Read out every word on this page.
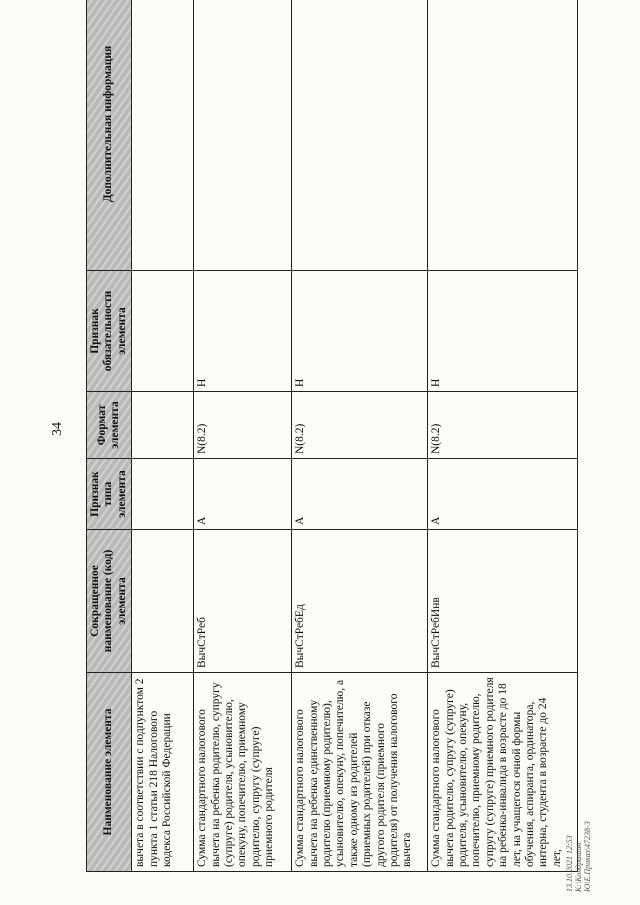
34
Наименование элемента	Сокращенное наименование (код) элемента	Признак типа элемента	Формат элемента	Признак обязательности элемента	Дополнительная информация
вычета в соответствии с подпунктом 2 пункта 1 статьи 218 Налогового кодекса Российской Федерации					
Сумма стандартного налогового вычета на ребенка родителю, супругу (супруге) родителя, усыновителю, опекуну, попечителю, приемному родителю, супругу (супруге) приемного родителя	ВычСтРеб	А	N(8.2)	Н	
Сумма стандартного налогового вычета на ребенка единственному родителю (приемному родителю), усыновителю, опекуну, попечителю, а также одному из родителей (приемных родителей) при отказе другого родителя (приемного родителя) от получения налогового вычета	ВычСтРебЕд	А	N(8.2)	Н	
Сумма стандартного налогового вычета родителю, супругу (супруге) родителя, усыновителю, опекуну, попечителю, приемному родителю, супругу (супруге) приемного родителя на ребенка-инвалида в возрасте до 18 лет, на учащегося очной формы обучения, аспиранта, ординатора, интерна, студента в возрасте до 24 лет,	ВычСтРебИнв	А	N(8.2)	Н	
13.10.2021 12:53 К:\Кондрашин Ю\Е.Приказ\47238-3
